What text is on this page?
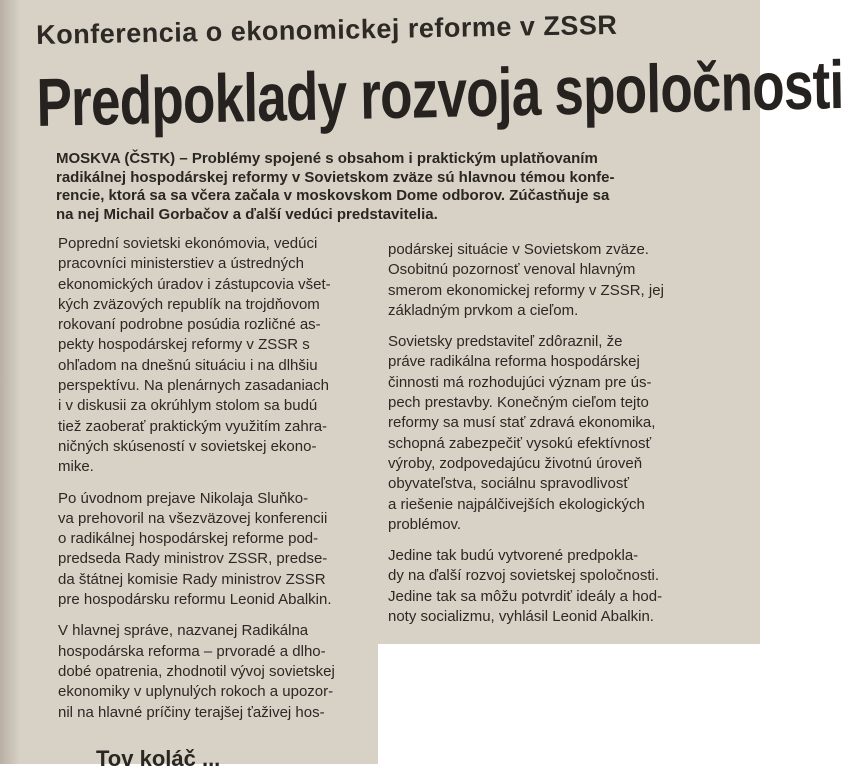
Konferencia o ekonomickej reforme v ZSSR
Predpoklady rozvoja spoločnosti
MOSKVA (ČSTK) – Problémy spojené s obsahom i praktickým uplatňovaním
radikálnej hospodárskej reformy v Sovietskom zväze sú hlavnou témou konfe-
rencie, ktorá sa sa včera začala v moskovskom Dome odborov. Zúčastňuje sa
na nej Michail Gorbačov a ďalší vedúci predstavitelia.
Poprední sovietski ekonómovia, vedúci
pracovníci ministerstiev a ústredných
ekonomických úradov i zástupcovia všet-
kých zväzových republík na trojdňovom
rokovaní podrobne posúdia rozličné as-
pekty hospodárskej reformy v ZSSR s
ohľadom na dnešnú situáciu i na dlhšiu
perspektívu. Na plenárnych zasadaniach
i v diskusii za okrúhlym stolom sa budú
tiež zaoberať praktickým využitím zahra-
ničných skúseností v sovietskej ekono-
mike.
Po úvodnom prejave Nikolaja Sluňko-
va prehovoril na všezväzovej konferencii
o radikálnej hospodárskej reforme pod-
predseda Rady ministrov ZSSR, predse-
da štátnej komisie Rady ministrov ZSSR
pre hospodársku reformu Leonid Abalkin.
V hlavnej správe, nazvanej Radikálna
hospodárska reforma – prvoradé a dlho-
dobé opatrenia, zhodnotil vývoj sovietskej
ekonomiky v uplynulých rokoch a upozor-
nil na hlavné príčiny terajšej ťaživej hos-
podárskej situácie v Sovietskom zväze.
Osobitnú pozornosť venoval hlavným
smerom ekonomickej reformy v ZSSR, jej
základným prvkom a cieľom.
Sovietsky predstaviteľ zdôraznil, že
práve radikálna reforma hospodárskej
činnosti má rozhodujúci význam pre ús-
pech prestavby. Konečným cieľom tejto
reformy sa musí stať zdravá ekonomika,
schopná zabezpečiť vysokú efektívnosť
výroby, zodpovedajúcu životnú úroveň
obyvateľstva, sociálnu spravodlivosť
a riešenie najpálčivejších ekologických
problémov.
Jedine tak budú vytvorené predpokla-
dy na ďalší rozvoj sovietskej spoločnosti.
Jedine tak sa môžu potvrdiť ideály a hod-
noty socializmu, vyhlásil Leonid Abalkin.
Tov koláč ...
